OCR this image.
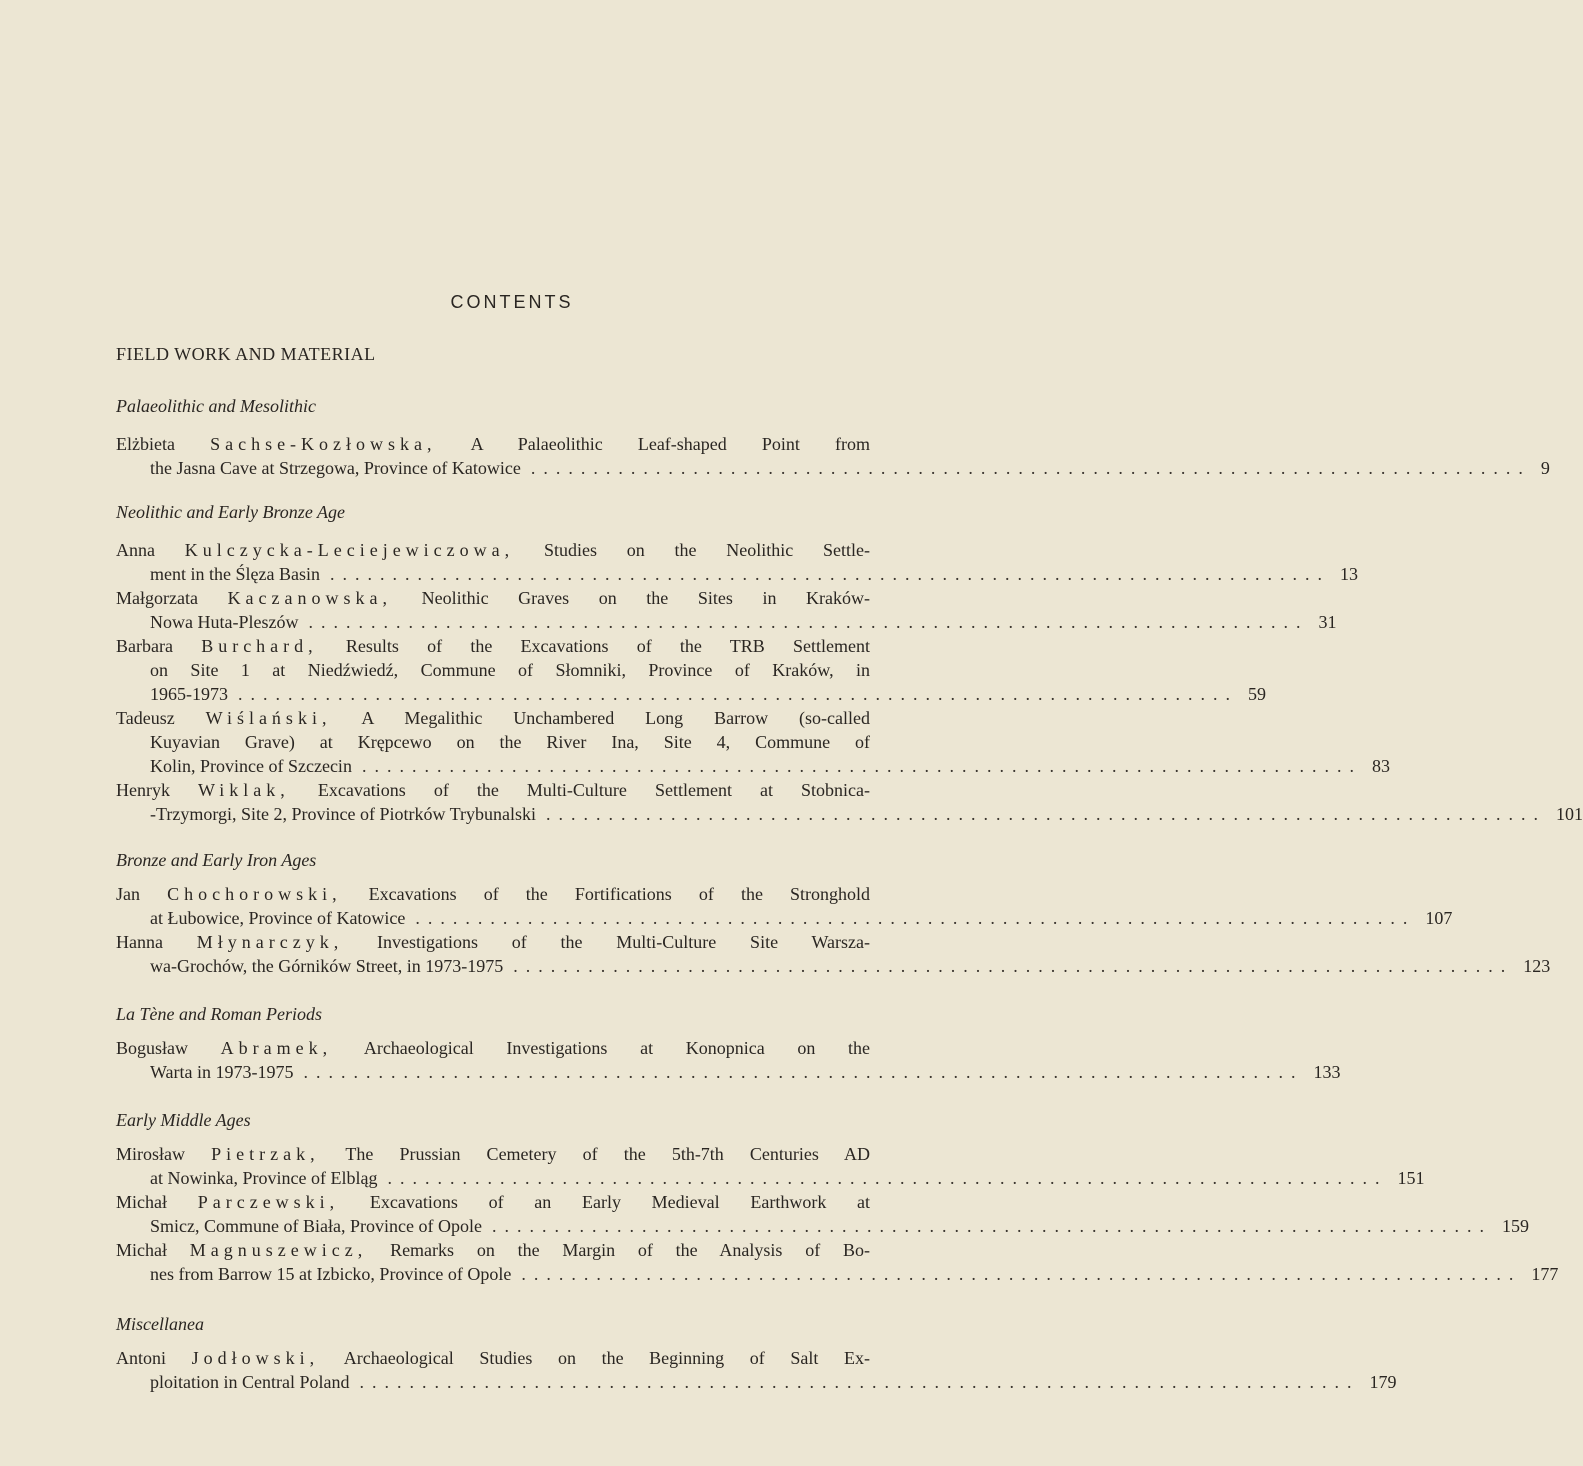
CONTENTS
FIELD WORK AND MATERIAL
Palaeolithic and Mesolithic
Elżbieta Sachse-Kozłowska, A Palaeolithic Leaf-shaped Point from
the Jasna Cave at Strzegowa, Province of Katowice ................................................................................ 9
Neolithic and Early Bronze Age
Anna Kulczycka-Leciejewiczowa, Studies on the Neolithic Settle-
ment in the Ślęza Basin ................................................................................ 13
Małgorzata Kaczanowska, Neolithic Graves on the Sites in Kraków-
Nowa Huta-Pleszów ................................................................................ 31
Barbara Burchard, Results of the Excavations of the TRB Settlement
on Site 1 at Niedźwiedź, Commune of Słomniki, Province of Kraków, in
1965-1973 ................................................................................ 59
Tadeusz Wiślański, A Megalithic Unchambered Long Barrow (so-called
Kuyavian Grave) at Krępcewo on the River Ina, Site 4, Commune of
Kolin, Province of Szczecin ................................................................................ 83
Henryk Wiklak, Excavations of the Multi-Culture Settlement at Stobnica-
-Trzymorgi, Site 2, Province of Piotrków Trybunalski ................................................................................ 101
Bronze and Early Iron Ages
Jan Chochorowski, Excavations of the Fortifications of the Stronghold
at Łubowice, Province of Katowice ................................................................................ 107
Hanna Młynarczyk, Investigations of the Multi-Culture Site Warsza-
wa-Grochów, the Górników Street, in 1973-1975 ................................................................................ 123
La Tène and Roman Periods
Bogusław Abramek, Archaeological Investigations at Konopnica on the
Warta in 1973-1975 ................................................................................ 133
Early Middle Ages
Mirosław Pietrzak, The Prussian Cemetery of the 5th-7th Centuries AD
at Nowinka, Province of Elbląg ................................................................................ 151
Michał Parczewski, Excavations of an Early Medieval Earthwork at
Smicz, Commune of Biała, Province of Opole ................................................................................ 159
Michał Magnuszewicz, Remarks on the Margin of the Analysis of Bo-
nes from Barrow 15 at Izbicko, Province of Opole ................................................................................ 177
Miscellanea
Antoni Jodłowski, Archaeological Studies on the Beginning of Salt Ex-
ploitation in Central Poland ................................................................................ 179
